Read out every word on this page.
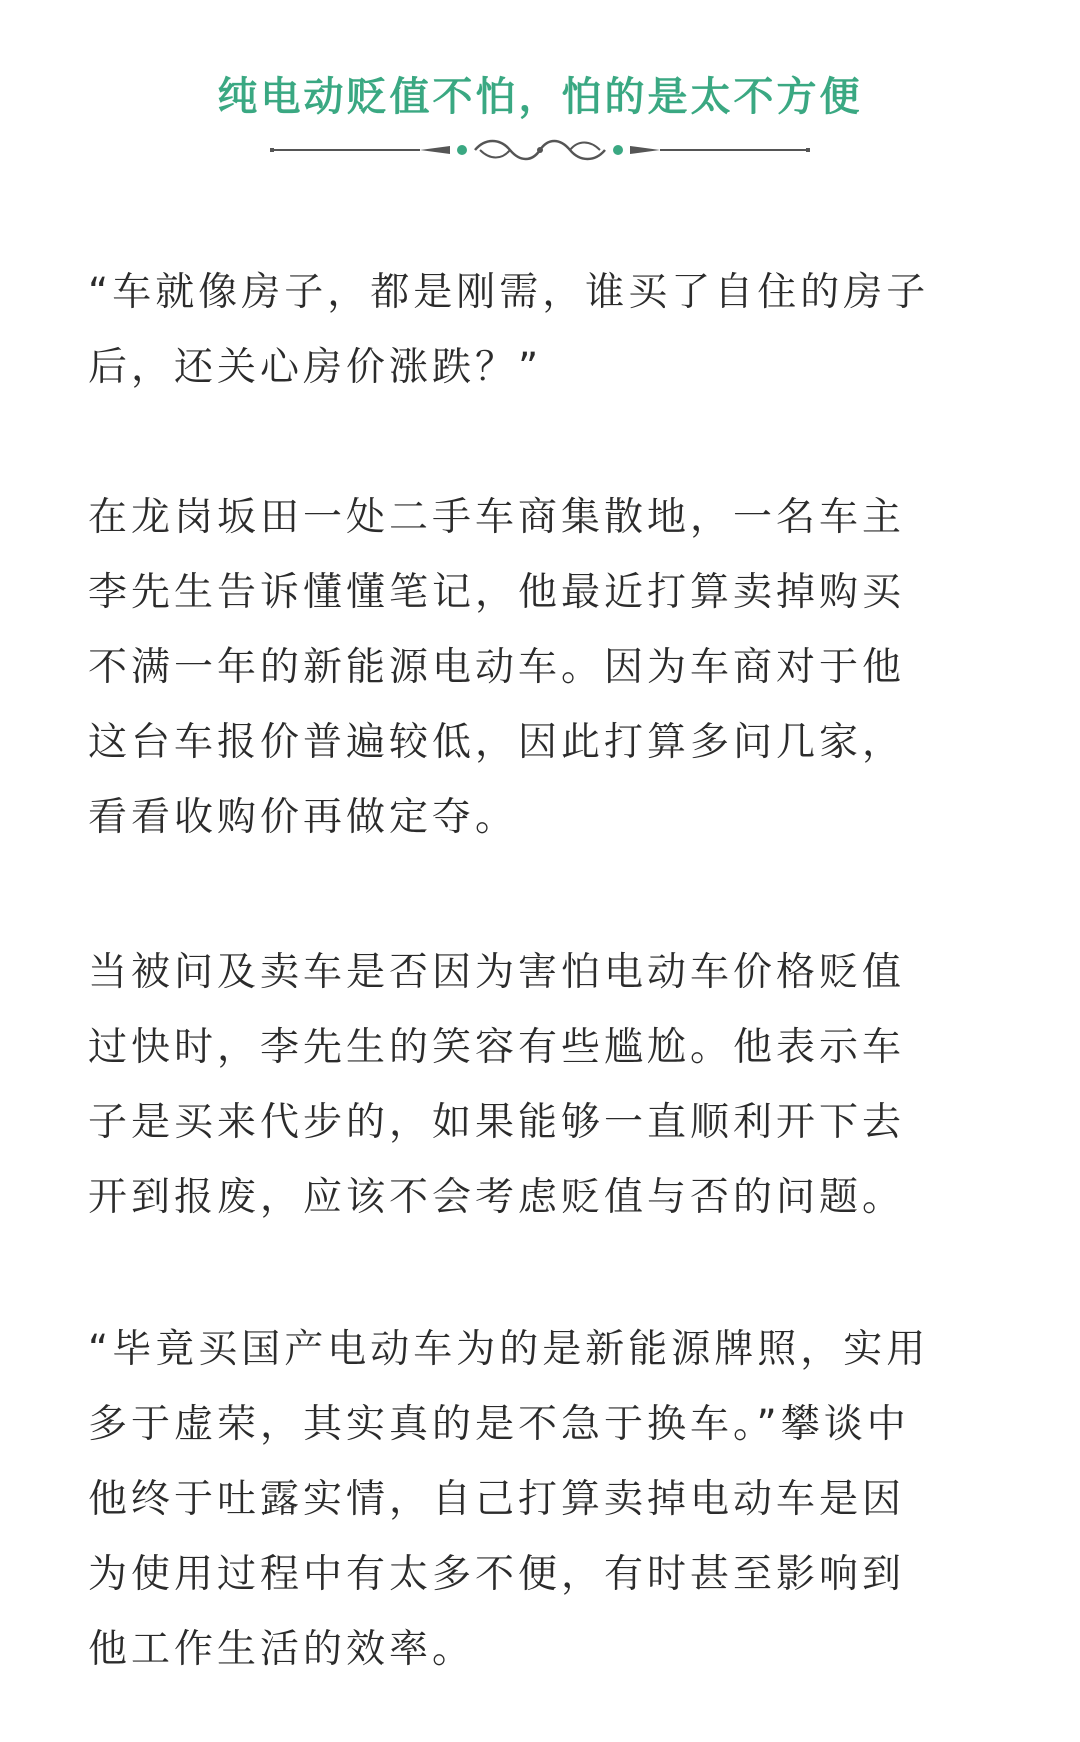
纯电动贬值不怕，怕的是太不方便
“车就像房子，都是刚需，谁买了自住的房子
后，还关心房价涨跌？”
在龙岗坂田一处二手车商集散地，一名车主
李先生告诉懂懂笔记，他最近打算卖掉购买
不满一年的新能源电动车。因为车商对于他
这台车报价普遍较低，因此打算多问几家，
看看收购价再做定夺。
当被问及卖车是否因为害怕电动车价格贬值
过快时，李先生的笑容有些尴尬。他表示车
子是买来代步的，如果能够一直顺利开下去
开到报废，应该不会考虑贬值与否的问题。
“毕竟买国产电动车为的是新能源牌照，实用
多于虚荣，其实真的是不急于换车。”攀谈中
他终于吐露实情，自己打算卖掉电动车是因
为使用过程中有太多不便，有时甚至影响到
他工作生活的效率。
